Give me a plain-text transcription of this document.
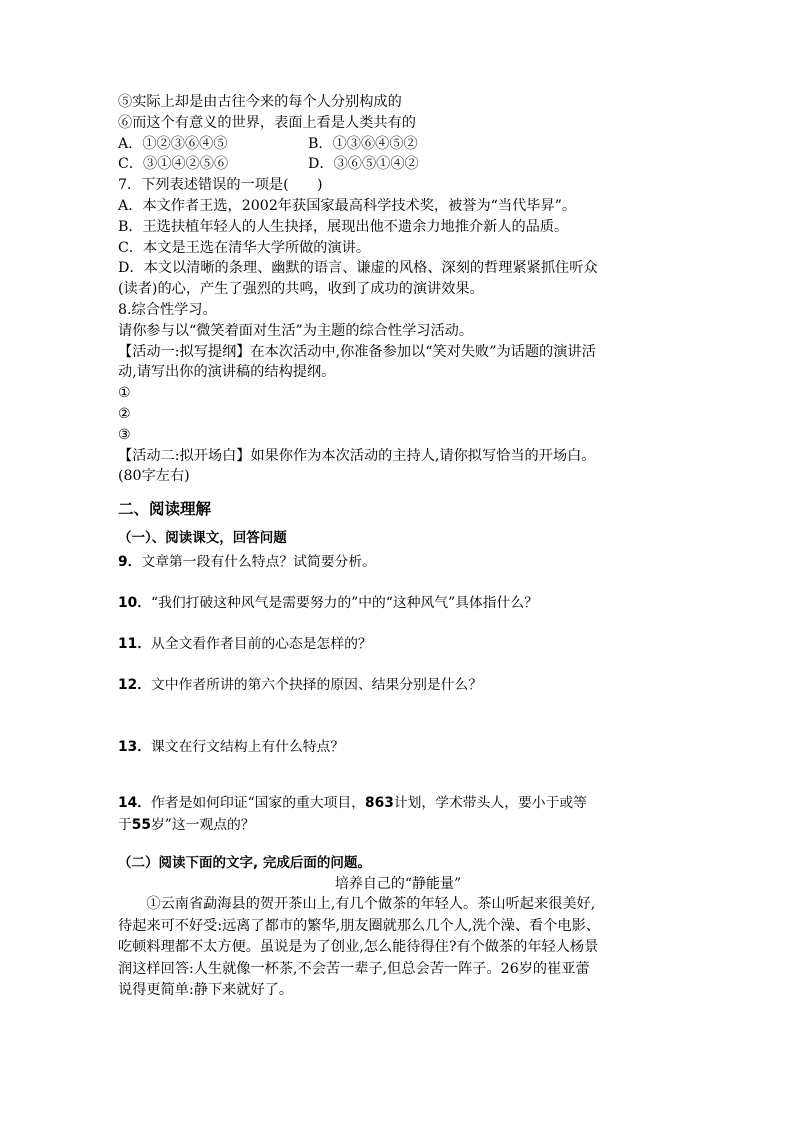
⑤实际上却是由古往今来的每个人分别构成的
⑥而这个有意义的世界，表面上看是人类共有的
A．①②③⑥④⑤	B．①③⑥④⑤②
C．③①④②⑤⑥	D．③⑥⑤①④②
7．下列表述错误的一项是(　　)
A．本文作者王选，2002年获国家最高科学技术奖，被誉为“当代毕昇”。
B．王选扶植年轻人的人生抉择，展现出他不遗余力地推介新人的品质。
C．本文是王选在清华大学所做的演讲。
D．本文以清晰的条理、幽默的语言、谦虚的风格、深刻的哲理紧紧抓住听众
(读者)的心，产生了强烈的共鸣，收到了成功的演讲效果。
8.综合性学习。
请你参与以“微笑着面对生活”为主题的综合性学习活动。
【活动一:拟写提纲】在本次活动中,你准备参加以“笑对失败”为话题的演讲活
动,请写出你的演讲稿的结构提纲。
①
②
③
【活动二:拟开场白】如果你作为本次活动的主持人,请你拟写恰当的开场白。
(80字左右)
二、阅读理解
（一）、阅读课文，回答问题
9．文章第一段有什么特点？试简要分析。
10．“我们打破这种风气是需要努力的”中的“这种风气”具体指什么？
11．从全文看作者目前的心态是怎样的？
12．文中作者所讲的第六个抉择的原因、结果分别是什么？
13．课文在行文结构上有什么特点？
14．作者是如何印证“国家的重大项目，863计划，学术带头人，要小于或等
于55岁”这一观点的？
（二）阅读下面的文字, 完成后面的问题。
培养自己的“静能量”
①云南省勐海县的贺开茶山上,有几个做茶的年轻人。茶山听起来很美好,
待起来可不好受:远离了都市的繁华,朋友圈就那么几个人,洗个澡、看个电影、
吃顿料理都不太方便。虽说是为了创业,怎么能待得住?有个做茶的年轻人杨景
润这样回答:人生就像一杯茶,不会苦一辈子,但总会苦一阵子。26岁的崔亚蕾
说得更简单:静下来就好了。
